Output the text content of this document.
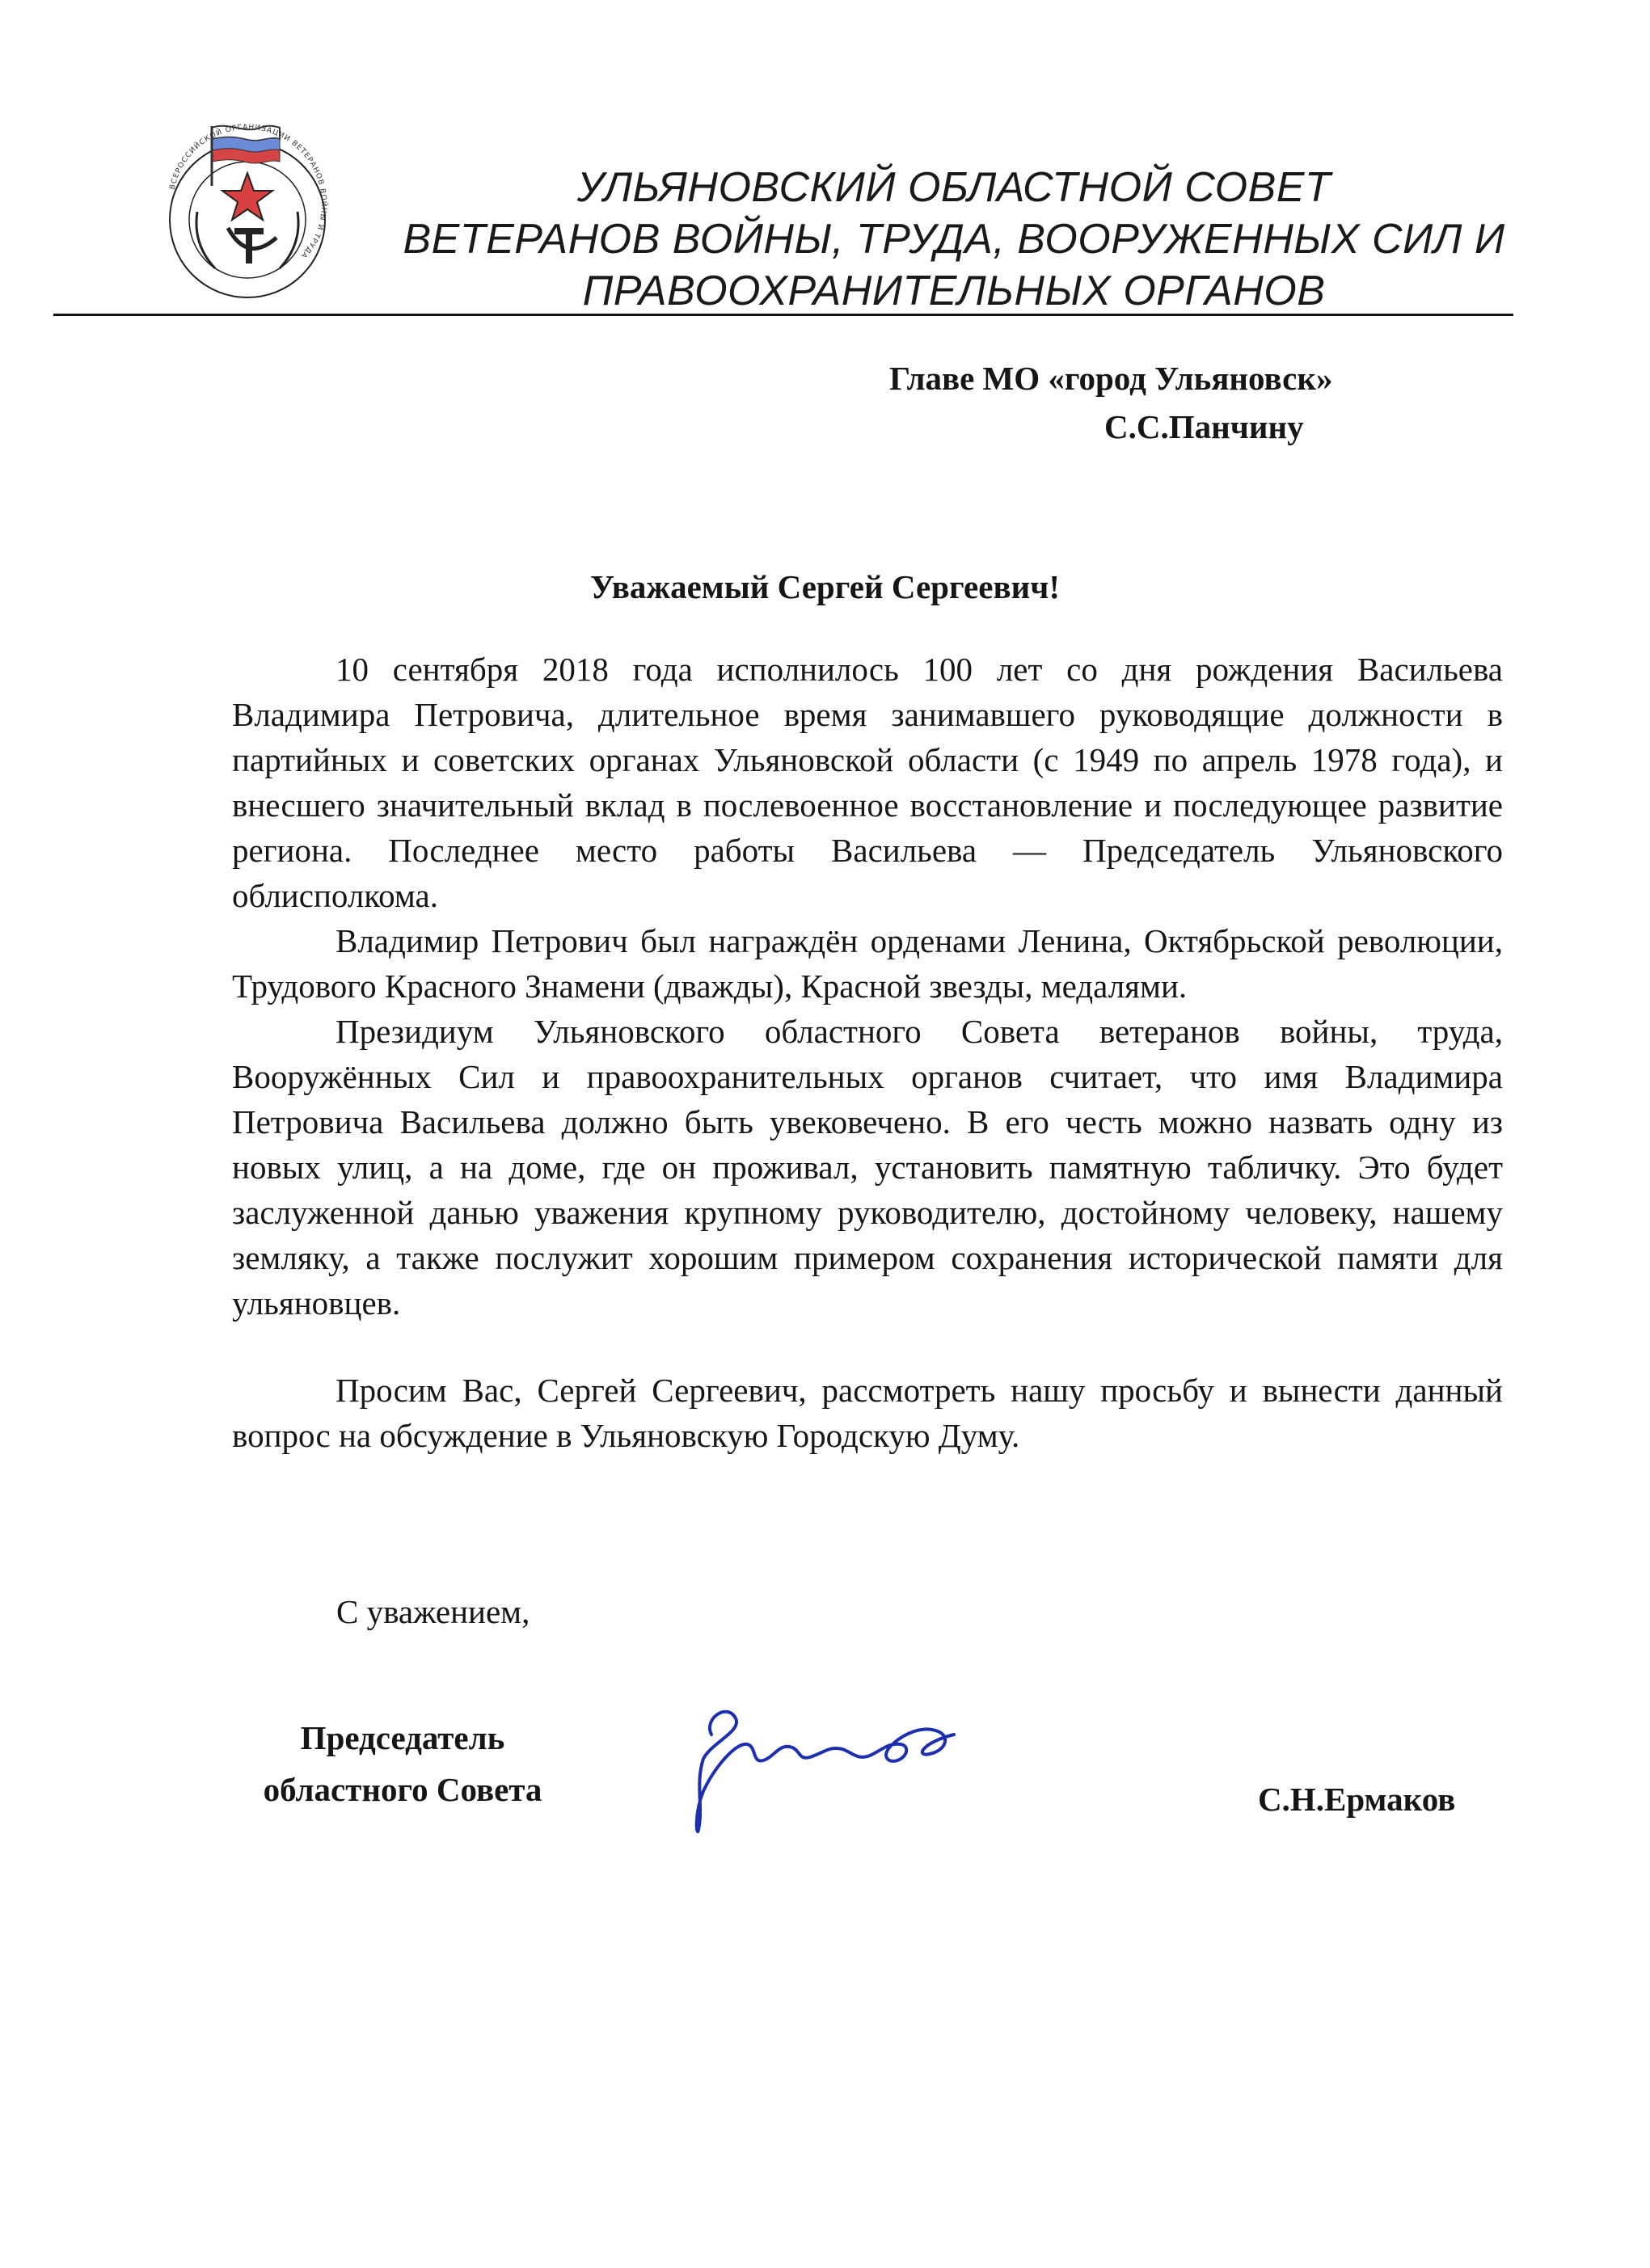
ВСЕРОССИЙСКОЙ ОРГАНИЗАЦИИ ВЕТЕРАНОВ ВОЙНЫ И ТРУДА
УЛЬЯНОВСКИЙ ОБЛАСТНОЙ СОВЕТ
ВЕТЕРАНОВ ВОЙНЫ, ТРУДА, ВООРУЖЕННЫХ СИЛ И
ПРАВООХРАНИТЕЛЬНЫХ ОРГАНОВ
Главе МО «город Ульяновск»
С.С.Панчину
Уважаемый Сергей Сергеевич!

10 сентября 2018 года исполнилось 100 лет со дня рождения Васильева Владимира Петровича, длительное время занимавшего руководящие должности в партийных и советских органах Ульяновской области (с 1949 по апрель 1978 года), и внесшего значительный вклад в послевоенное восстановление и последующее развитие региона. Последнее место работы Васильева — Председатель Ульяновского облисполкома.

Владимир Петрович был награждён орденами Ленина, Октябрьской революции, Трудового Красного Знамени (дважды), Красной звезды, медалями.

Президиум Ульяновского областного Совета ветеранов войны, труда, Вооружённых Сил и правоохранительных органов считает, что имя Владимира Петровича Васильева должно быть увековечено. В его честь можно назвать одну из новых улиц, а на доме, где он проживал, установить памятную табличку. Это будет заслуженной данью уважения крупному руководителю, достойному человеку, нашему земляку, а также послужит хорошим примером сохранения исторической памяти для ульяновцев.

Просим Вас, Сергей Сергеевич, рассмотреть нашу просьбу и вынести данный вопрос на обсуждение в Ульяновскую Городскую Думу.

С уважением,
Председатель
областного Совета	С.Н.Ермаков
